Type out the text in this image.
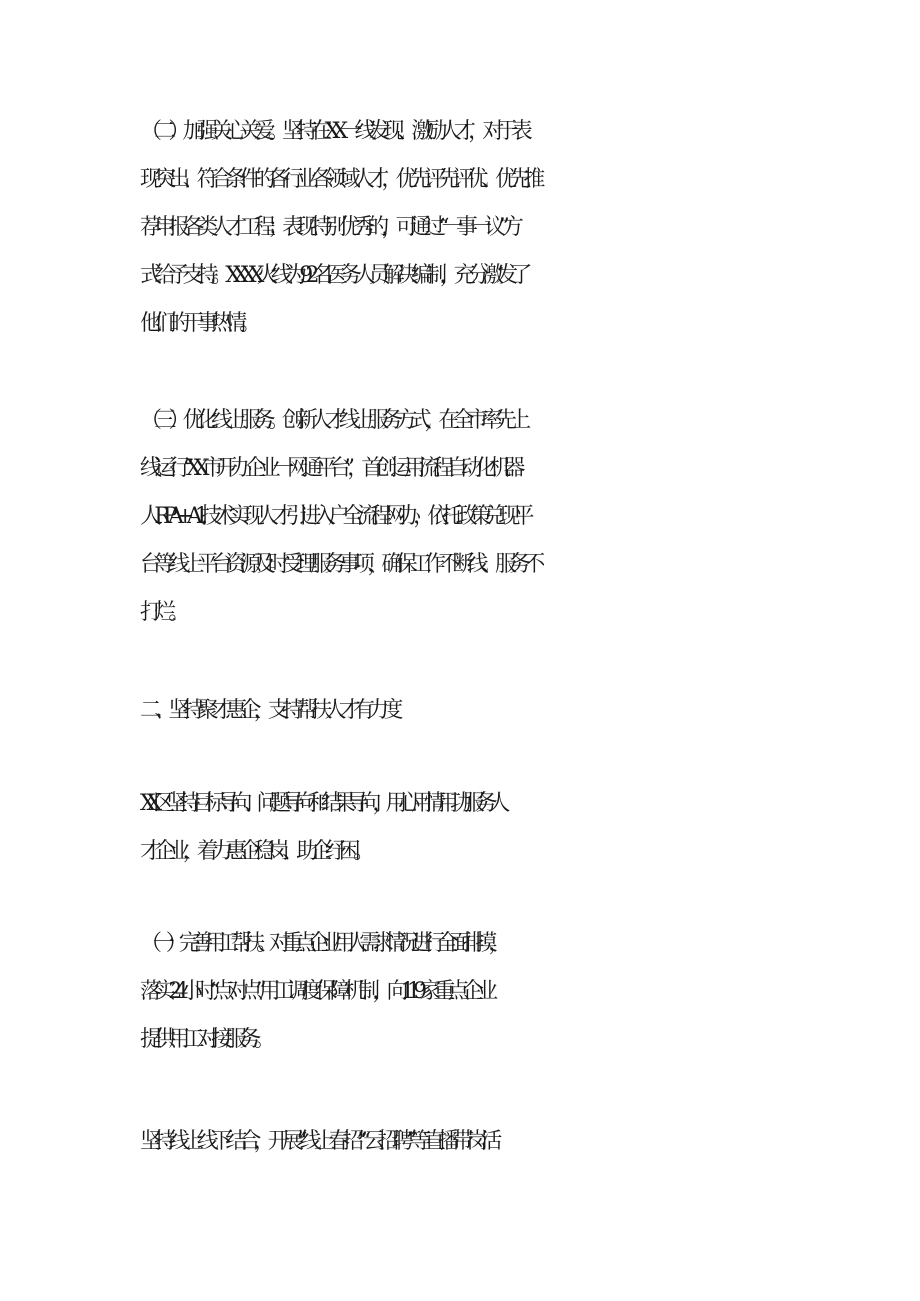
（二）加强关心关爱。坚持在XX一线发现、激励人才，对于表
现突出、符合条件的各行业各领域人才，优先评先评优、优先推
荐申报各类人才工程；表现特别优秀的，可通过“一事一议”方
式给予支持。XXXX火线为92名医务人员解决编制，充分激发了
他们的干事热情。
（三）优化线上服务。创新人才线上服务方式，在全市率先上
线运行“XX市开办企业一网通平台”，首创运用流程自动化机器
人RPA+A1.技术实现人才引进入户全流程网办，依托政策兑现平
台等线上平台资源及时受理服务事项，确保工作不断线、服务不
打烂。
二、坚持聚才惠企，支持帮扶人才有力度
XX区坚持目标导向、问题导向和结果导向，用心用情用功服务人
才企业，着力惠企稳岗、助企纾困。
（一）完善用工帮扶。对重点企业用人需求情况进行全面排摸，
落实24小时“点对点”用工调度保障机制，向119家重点企业
提供用工对接服务。
坚持线上线下结合，开展“线上春招”“云招聘”等直播带岗活
